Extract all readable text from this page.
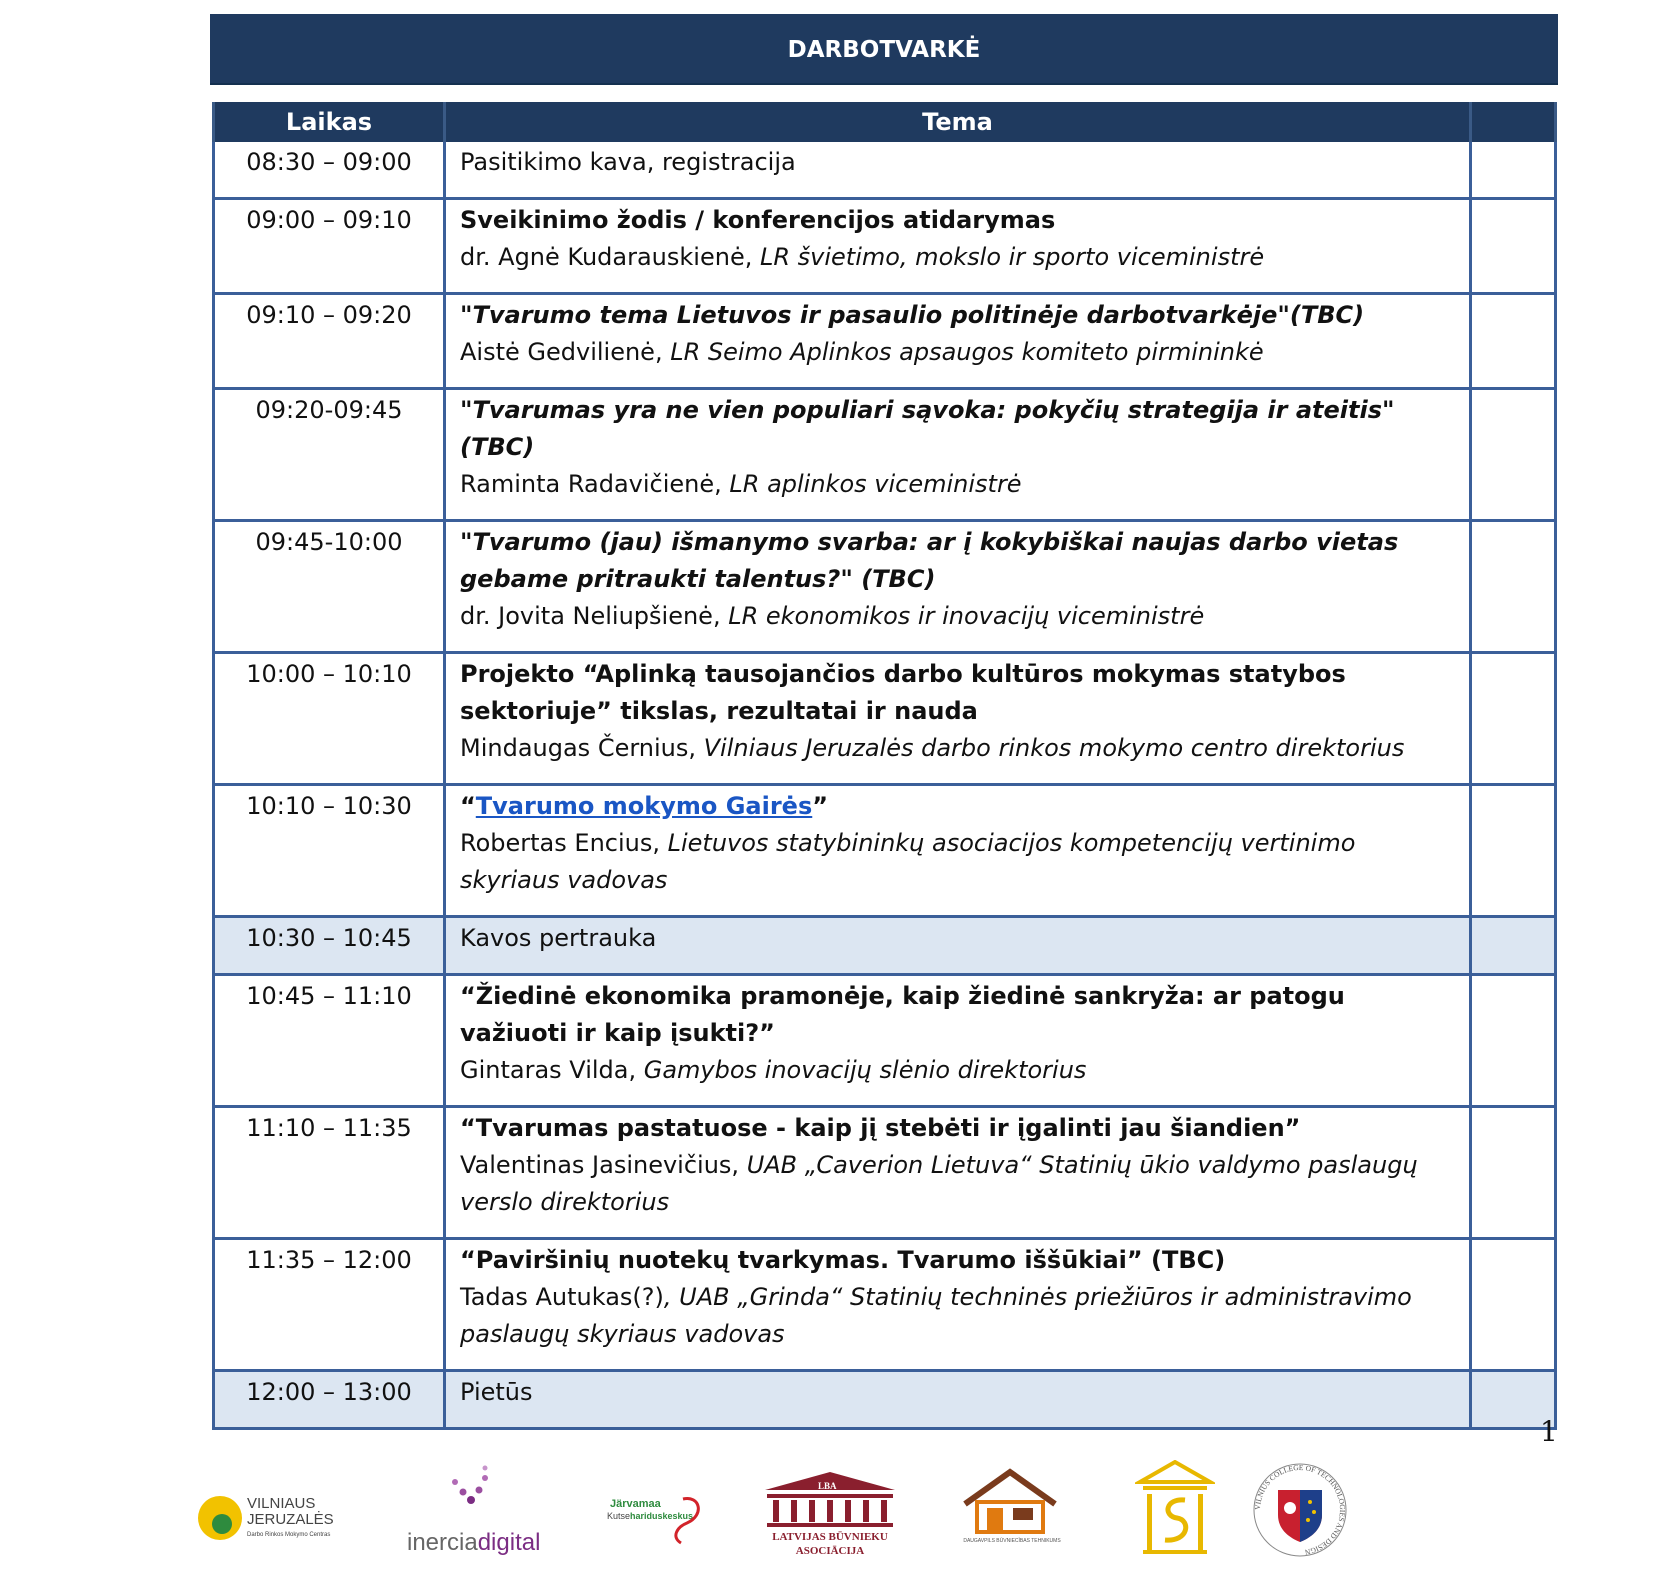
DARBOTVARKĖ
Laikas	Tema	
08:30 – 09:00	Pasitikimo kava, registracija	

09:00 – 09:10	Sveikinimo žodis / konferencijos atidarymas
dr. Agnė Kudarauskienė, LR švietimo, mokslo ir sporto viceministrė	

09:10 – 09:20	"Tvarumo tema Lietuvos ir pasaulio politinėje darbotvarkėje"(TBC)
Aistė Gedvilienė, LR Seimo Aplinkos apsaugos komiteto pirmininkė	

09:20-09:45	"Tvarumas yra ne vien populiari sąvoka: pokyčių strategija ir ateitis" (TBC)
Raminta Radavičienė, LR aplinkos viceministrė	

09:45-10:00	"Tvarumo (jau) išmanymo svarba: ar į kokybiškai naujas darbo vietas gebame pritraukti talentus?" (TBC)
dr. Jovita Neliupšienė, LR ekonomikos ir inovacijų viceministrė	

10:00 – 10:10	Projekto “Aplinką tausojančios darbo kultūros mokymas statybos sektoriuje” tikslas, rezultatai ir nauda
Mindaugas Černius, Vilniaus Jeruzalės darbo rinkos mokymo centro direktorius	

10:10 – 10:30	“Tvarumo mokymo Gairės”
Robertas Encius, Lietuvos statybininkų asociacijos kompetencijų vertinimo skyriaus vadovas	

10:30 – 10:45	Kavos pertrauka	

10:45 – 11:10	“Žiedinė ekonomika pramonėje, kaip žiedinė sankryža: ar patogu važiuoti ir kaip įsukti?”
Gintaras Vilda, Gamybos inovacijų slėnio direktorius	

11:10 – 11:35	“Tvarumas pastatuose - kaip jį stebėti ir įgalinti jau šiandien”
Valentinas Jasinevičius, UAB „Caverion Lietuva“ Statinių ūkio valdymo paslaugų verslo direktorius	

11:35 – 12:00	“Paviršinių nuotekų tvarkymas. Tvarumo iššūkiai” (TBC)
Tadas Autukas(?), UAB „Grinda“ Statinių techninės priežiūros ir administravimo paslaugų skyriaus vadovas	

12:00 – 13:00	Pietūs	

1
VILNIAUS
JERUZALĖS
Darbo Rinkos Mokymo Centras	inerciadigital
Järvamaa
Kutsehariduskeskus
LBA
LATVIJAS BŪVNIEKU
ASOCIĀCIJA
DAUGAVPILS BŪVNIECĪBAS TEHNIKUMS
VILNIUS COLLEGE OF TECHNOLOGIES AND DESIGN
